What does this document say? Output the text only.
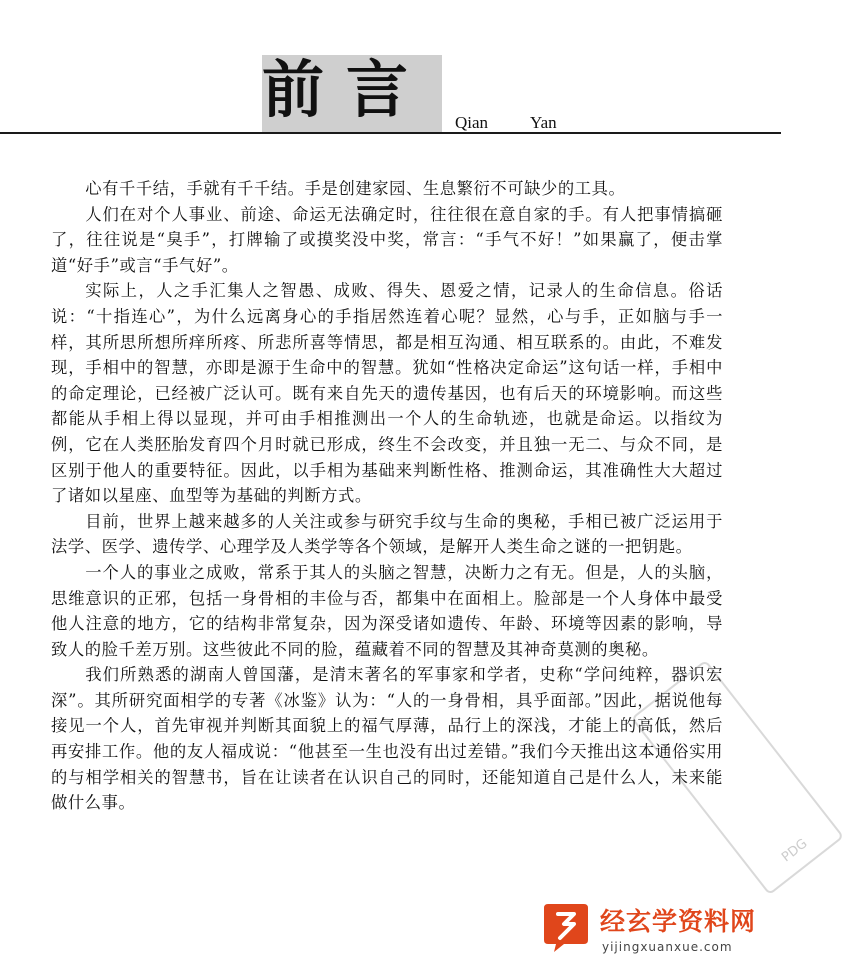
前言 Qian Yan

心有千千结，手就有千千结。手是创建家园、生息繁衍不可缺少的工具。

人们在对个人事业、前途、命运无法确定时，往往很在意自家的手。有人把事情搞砸了，往往说是“臭手”，打牌输了或摸奖没中奖，常言：“手气不好！”如果赢了，便击掌道“好手”或言“手气好”。

实际上，人之手汇集人之智愚、成败、得失、恩爱之情，记录人的生命信息。俗话说：“十指连心”，为什么远离身心的手指居然连着心呢？显然，心与手，正如脑与手一样，其所思所想所痒所疼、所悲所喜等情思，都是相互沟通、相互联系的。由此，不难发现，手相中的智慧，亦即是源于生命中的智慧。犹如“性格决定命运”这句话一样，手相中的命定理论，已经被广泛认可。既有来自先天的遗传基因，也有后天的环境影响。而这些都能从手相上得以显现，并可由手相推测出一个人的生命轨迹，也就是命运。以指纹为例，它在人类胚胎发育四个月时就已形成，终生不会改变，并且独一无二、与众不同，是区别于他人的重要特征。因此，以手相为基础来判断性格、推测命运，其准确性大大超过了诸如以星座、血型等为基础的判断方式。

目前，世界上越来越多的人关注或参与研究手纹与生命的奥秘，手相已被广泛运用于法学、医学、遗传学、心理学及人类学等各个领域，是解开人类生命之谜的一把钥匙。

一个人的事业之成败，常系于其人的头脑之智慧，决断力之有无。但是，人的头脑，思维意识的正邪，包括一身骨相的丰俭与否，都集中在面相上。脸部是一个人身体中最受他人注意的地方，它的结构非常复杂，因为深受诸如遗传、年龄、环境等因素的影响，导致人的脸千差万别。这些彼此不同的脸，蕴藏着不同的智慧及其神奇莫测的奥秘。

我们所熟悉的湖南人曾国藩，是清末著名的军事家和学者，史称“学问纯粹，器识宏深”。其所研究面相学的专著《冰鉴》认为：“人的一身骨相，具乎面部。”因此，据说他每接见一个人，首先审视并判断其面貌上的福气厚薄，品行上的深浅，才能上的高低，然后再安排工作。他的友人福成说：“他甚至一生也没有出过差错。”我们今天推出这本通俗实用的与相学相关的智慧书，旨在让读者在认识自己的同时，还能知道自己是什么人，未来能做什么事。

PDG
经玄学资料网
yijingxuanxue.com
